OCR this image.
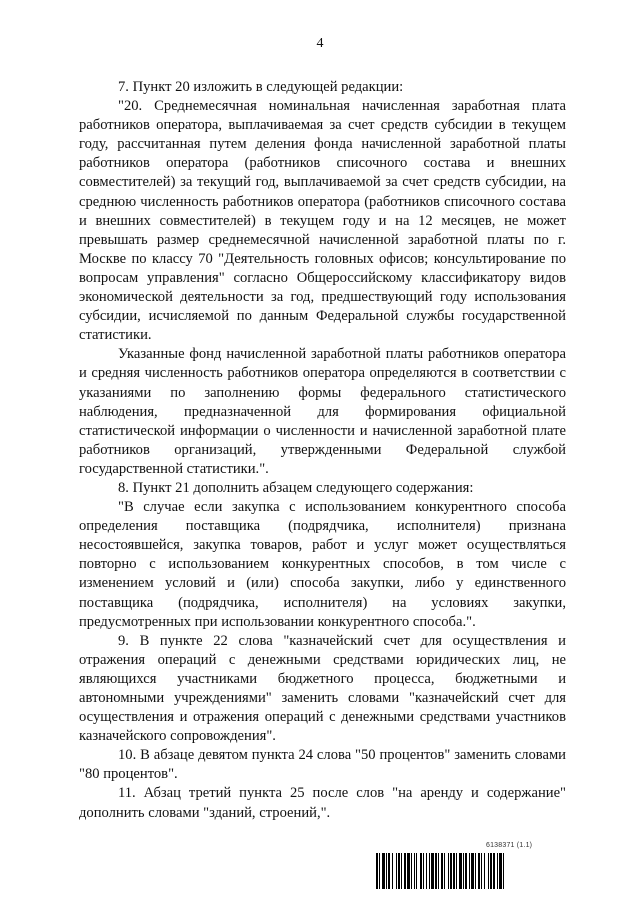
4

7. Пункт 20 изложить в следующей редакции:

"20. Среднемесячная номинальная начисленная заработная плата работников оператора, выплачиваемая за счет средств субсидии в текущем году, рассчитанная путем деления фонда начисленной заработной платы работников оператора (работников списочного состава и внешних совместителей) за текущий год, выплачиваемой за счет средств субсидии, на среднюю численность работников оператора (работников списочного состава и внешних совместителей) в текущем году и на 12 месяцев, не может превышать размер среднемесячной начисленной заработной платы по г. Москве по классу 70 "Деятельность головных офисов; консультирование по вопросам управления" согласно Общероссийскому классификатору видов экономической деятельности за год, предшествующий году использования субсидии, исчисляемой по данным Федеральной службы государственной статистики.

Указанные фонд начисленной заработной платы работников оператора и средняя численность работников оператора определяются в соответствии с указаниями по заполнению формы федерального статистического наблюдения, предназначенной для формирования официальной статистической информации о численности и начисленной заработной плате работников организаций, утвержденными Федеральной службой государственной статистики.".

8. Пункт 21 дополнить абзацем следующего содержания:

"В случае если закупка с использованием конкурентного способа определения поставщика (подрядчика, исполнителя) признана несостоявшейся, закупка товаров, работ и услуг может осуществляться повторно с использованием конкурентных способов, в том числе с изменением условий и (или) способа закупки, либо у единственного поставщика (подрядчика, исполнителя) на условиях закупки, предусмотренных при использовании конкурентного способа.".

9. В пункте 22 слова "казначейский счет для осуществления и отражения операций с денежными средствами юридических лиц, не являющихся участниками бюджетного процесса, бюджетными и автономными учреждениями" заменить словами "казначейский счет для осуществления и отражения операций с денежными средствами участников казначейского сопровождения".

10. В абзаце девятом пункта 24 слова "50 процентов" заменить словами "80 процентов".

11. Абзац третий пункта 25 после слов "на аренду и содержание" дополнить словами "зданий, строений,".

6138371 (1.1)
